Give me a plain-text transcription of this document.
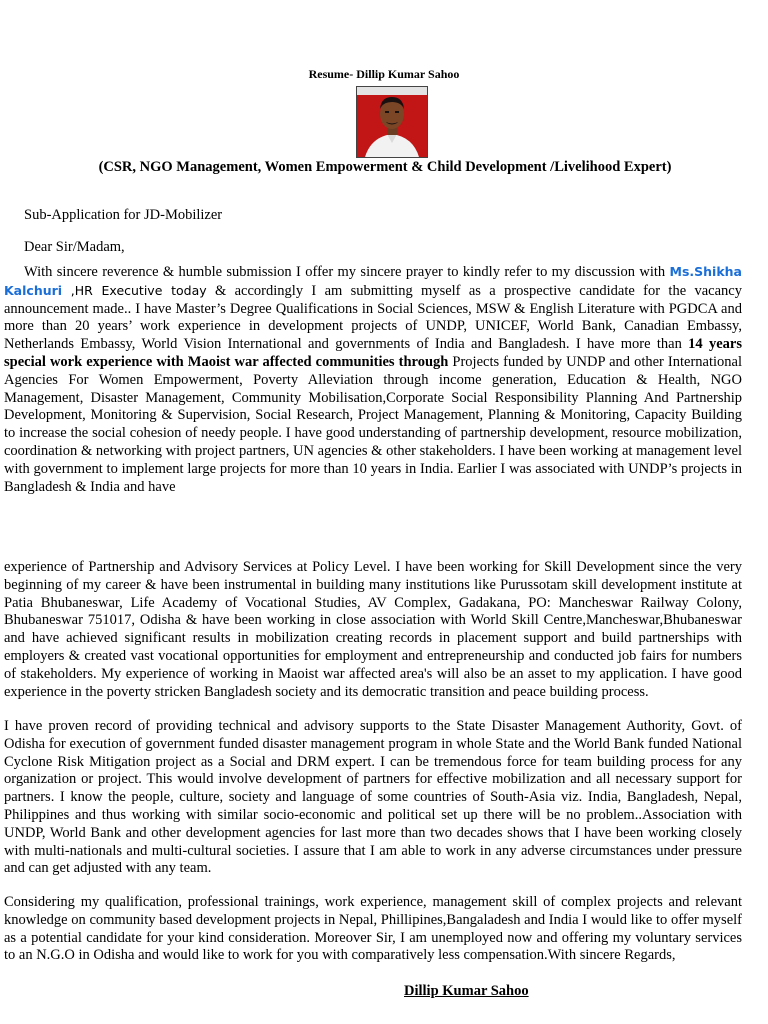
Resume- Dillip Kumar Sahoo
(CSR, NGO Management, Women Empowerment & Child Development /Livelihood Expert)
Sub-Application for JD-Mobilizer
Dear Sir/Madam,
With sincere reverence & humble submission I offer my sincere prayer to kindly refer to my discussion with Ms.Shikha Kalchuri ,HR Executive today & accordingly I am submitting myself as a prospective candidate for the vacancy announcement made.. I have Master’s Degree Qualifications in Social Sciences, MSW & English Literature with PGDCA and more than 20 years’ work experience in development projects of UNDP, UNICEF, World Bank, Canadian Embassy, Netherlands Embassy, World Vision International and governments of India and Bangladesh. I have more than 14 years special work experience with Maoist war affected communities through Projects funded by UNDP and other International Agencies For Women Empowerment, Poverty Alleviation through income generation, Education & Health, NGO Management, Disaster Management, Community Mobilisation,Corporate Social Responsibility Planning And Partnership Development, Monitoring & Supervision, Social Research, Project Management, Planning & Monitoring, Capacity Building to increase the social cohesion of needy people. I have good understanding of partnership development, resource mobilization, coordination & networking with project partners, UN agencies & other stakeholders. I have been working at management level with government to implement large projects for more than 10 years in India. Earlier I was associated with UNDP’s projects in Bangladesh & India and have
experience of Partnership and Advisory Services at Policy Level. I have been working for Skill Development since the very beginning of my career & have been instrumental in building many institutions like Purussotam skill development institute at Patia Bhubaneswar, Life Academy of Vocational Studies, AV Complex, Gadakana, PO: Mancheswar Railway Colony, Bhubaneswar 751017, Odisha & have been working in close association with World Skill Centre,Mancheswar,Bhubaneswar and have achieved significant results in mobilization creating records in placement support and build partnerships with employers & created vast vocational opportunities for employment and entrepreneurship and conducted job fairs for numbers of stakeholders. My experience of working in Maoist war affected area's will also be an asset to my application. I have good experience in the poverty stricken Bangladesh society and its democratic transition and peace building process.
I have proven record of providing technical and advisory supports to the State Disaster Management Authority, Govt. of Odisha for execution of government funded disaster management program in whole State and the World Bank funded National Cyclone Risk Mitigation project as a Social and DRM expert. I can be tremendous force for team building process for any organization or project. This would involve development of partners for effective mobilization and all necessary support for partners. I know the people, culture, society and language of some countries of South-Asia viz. India, Bangladesh, Nepal, Philippines and thus working with similar socio-economic and political set up there will be no problem..Association with UNDP, World Bank and other development agencies for last more than two decades shows that I have been working closely with multi-nationals and multi-cultural societies. I assure that I am able to work in any adverse circumstances under pressure and can get adjusted with any team.
Considering my qualification, professional trainings, work experience, management skill of complex projects and relevant knowledge on community based development projects in Nepal, Phillipines,Bangaladesh and India I would like to offer myself as a potential candidate for your kind consideration. Moreover Sir, I am unemployed now and offering my voluntary services to an N.G.O in Odisha and would like to work for you with comparatively less compensation.With sincere Regards,
Dillip Kumar Sahoo
